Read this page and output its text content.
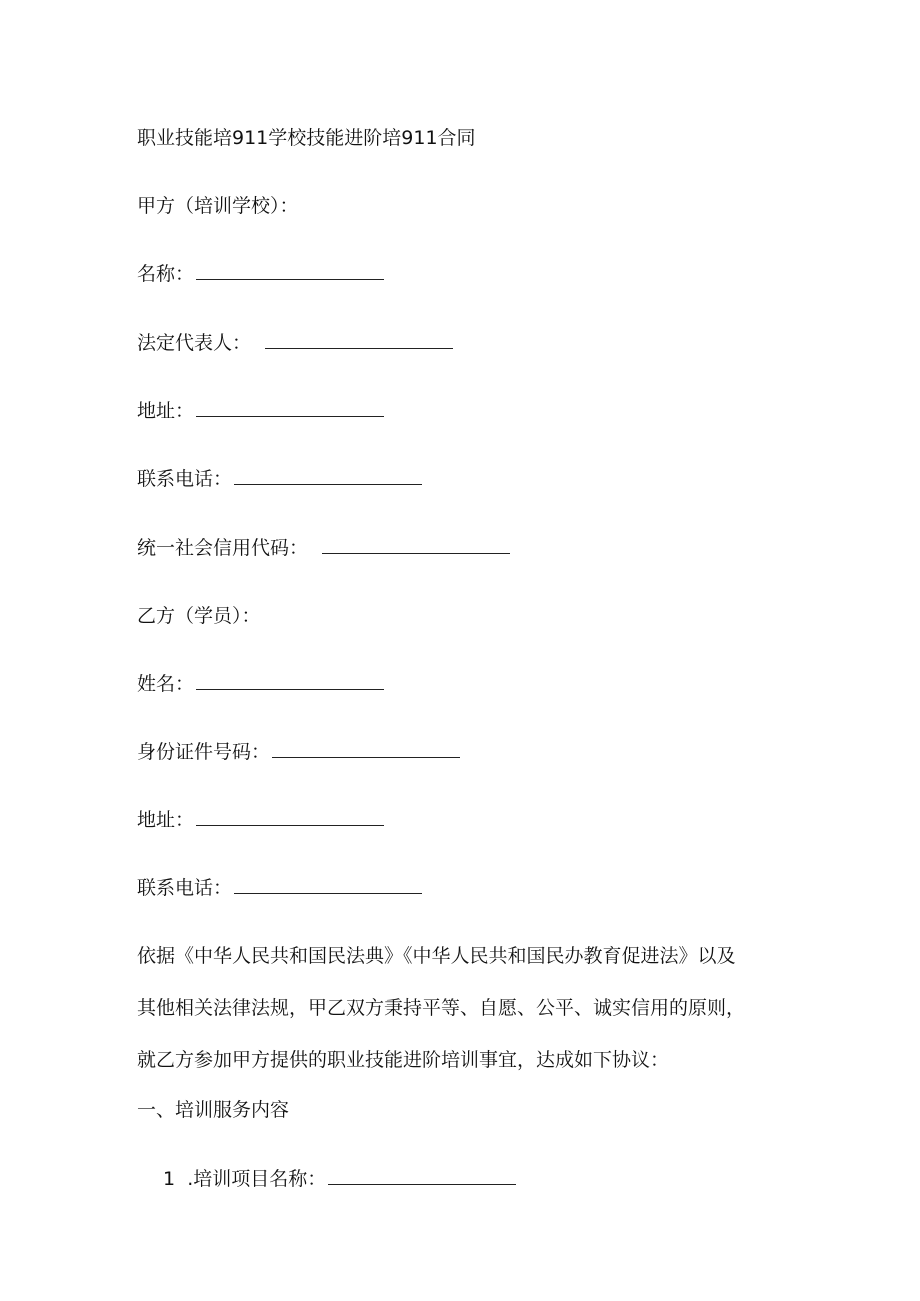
职业技能培911学校技能进阶培911合同
甲方（培训学校）：
名称：
法定代表人：
地址：
联系电话：
统一社会信用代码：
乙方（学员）：
姓名：
身份证件号码：
地址：
联系电话：
依据《中华人民共和国民法典》《中华人民共和国民办教育促进法》以及
其他相关法律法规，甲乙双方秉持平等、自愿、公平、诚实信用的原则，
就乙方参加甲方提供的职业技能进阶培训事宜，达成如下协议：
一、培训服务内容
1 .培训项目名称：
